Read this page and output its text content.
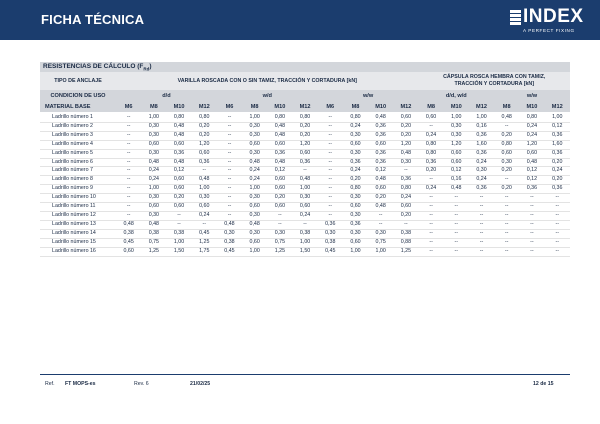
FICHA TÉCNICA	INDEX
A PERFECT FIXING
RESISTENCIAS DE CÁLCULO $(F_{Rd})$																		
TIPO DE ANCLAJE	VARILLA ROSCADA CON O SIN TAMIZ, TRACCIÓN Y CORTADURA [kN]												CÁPSULA ROSCA HEMBRA CON TAMIZ,
TRACCIÓN Y CORTADURA [kN]					
CONDICION DE USO	d/d				w/d				w/w				d/d, w/d			w/w		
MATERIAL BASE	M6	M8	M10	M12	M6	M8	M10	M12	M6	M8	M10	M12	M8	M10	M12	M8	M10	M12

Ladrillo número 1	--	1,00	0,80	0,80	--	1,00	0,80	0,80	--	0,80	0,48	0,60	0,60	1,00	1,00	0,48	0,80	1,00
Ladrillo número 2	--	0,30	0,48	0,20	--	0,30	0,48	0,20	--	0,24	0,36	0,20	--	0,30	0,16	--	0,24	0,12
Ladrillo número 3	--	0,30	0,48	0,20	--	0,30	0,48	0,20	--	0,30	0,36	0,20	0,24	0,30	0,36	0,20	0,24	0,36
Ladrillo número 4	--	0,60	0,60	1,20	--	0,60	0,60	1,20	--	0,60	0,60	1,20	0,80	1,20	1,60	0,80	1,20	1,60
Ladrillo número 5	--	0,30	0,36	0,60	--	0,30	0,36	0,60	--	0,30	0,36	0,48	0,80	0,60	0,36	0,60	0,60	0,36
Ladrillo número 6	--	0,48	0,48	0,36	--	0,48	0,48	0,36	--	0,36	0,36	0,30	0,36	0,60	0,24	0,30	0,48	0,20
Ladrillo número 7	--	0,24	0,12	--	--	0,24	0,12	--	--	0,24	0,12	--	0,20	0,12	0,30	0,20	0,12	0,24
Ladrillo número 8	--	0,24	0,60	0,48	--	0,24	0,60	0,48	--	0,20	0,48	0,36	--	0,16	0,24	--	0,12	0,20
Ladrillo número 9	--	1,00	0,60	1,00	--	1,00	0,60	1,00	--	0,80	0,60	0,80	0,24	0,48	0,36	0,20	0,36	0,36
Ladrillo número 10	--	0,30	0,20	0,30	--	0,30	0,20	0,30	--	0,30	0,20	0,24	--	--	--	--	--	--
Ladrillo número 11	--	0,60	0,60	0,60	--	0,60	0,60	0,60	--	0,60	0,48	0,60	--	--	--	--	--	--
Ladrillo número 12	--	0,30	--	0,24	--	0,30	--	0,24	--	0,30	--	0,20	--	--	--	--	--	--
Ladrillo número 13	0,48	0,48	--	--	0,48	0,48	--	--	0,36	0,36	--	--	--	--	--	--	--	--
Ladrillo número 14	0,38	0,38	0,38	0,45	0,30	0,30	0,30	0,38	0,30	0,30	0,30	0,38	--	--	--	--	--	--
Ladrillo número 15	0,45	0,75	1,00	1,25	0,38	0,60	0,75	1,00	0,38	0,60	0,75	0,88	--	--	--	--	--	--
Ladrillo número 16	0,60	1,25	1,50	1,75	0,45	1,00	1,25	1,50	0,45	1,00	1,00	1,25	--	--	--	--	--	--
Ref. FT MOPS-es	Rev. 6	21/02/25	12 de 15
